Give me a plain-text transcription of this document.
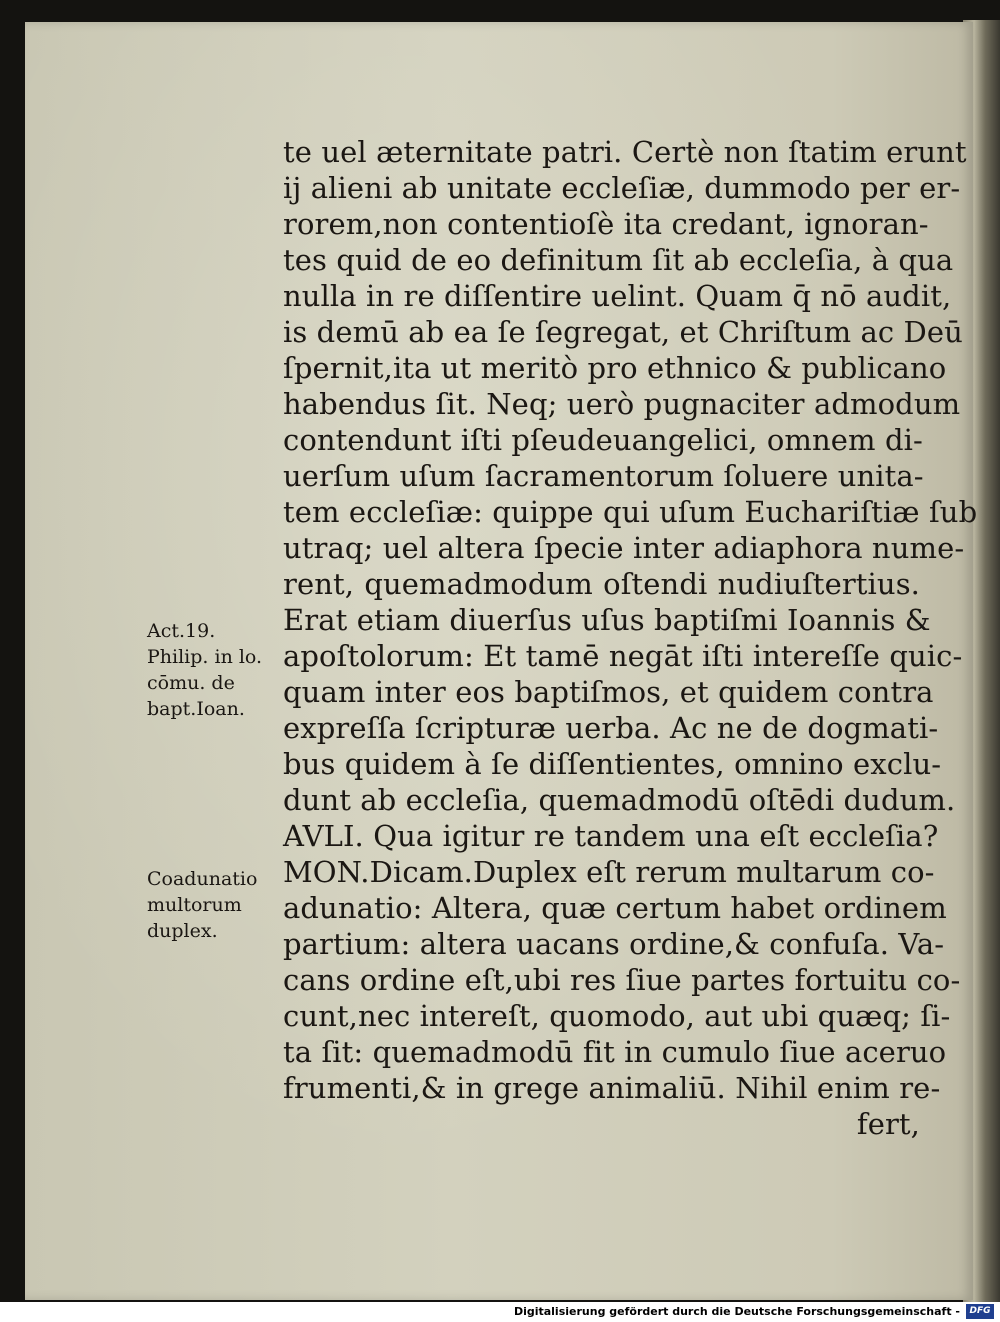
te uel æternitate patri. Certè non ſtatim erunt
ij alieni ab unitate eccleſiæ, dummodo per er-
rorem,non contentioſè ita credant, ignoran-
tes quid de eo definitum ſit ab eccleſia, à qua
nulla in re diſſentire uelint. Quam q̄ nō audit,
is demū ab ea ſe ſegregat, et Chriſtum ac Deū
ſpernit,ita ut meritò pro ethnico & publicano
habendus ſit. Neq; uerò pugnaciter admodum
contendunt iſti pſeudeuangelici, omnem di-
uerſum uſum ſacramentorum ſoluere unita-
tem eccleſiæ: quippe qui uſum Euchariſtiæ ſub
utraq; uel altera ſpecie inter adiaphora nume-
rent, quemadmodum oſtendi nudiuſtertius.
Erat etiam diuerſus uſus baptiſmi Ioannis &
apoſtolorum: Et tamē negāt iſti intereſſe quic-
quam inter eos baptiſmos, et quidem contra
expreſſa ſcripturæ uerba. Ac ne de dogmati-
bus quidem à ſe diſſentientes, omnino exclu-
dunt ab eccleſia, quemadmodū oſtēdi dudum.
AVLI. Qua igitur re tandem una eſt eccleſia?
MON.Dicam.Duplex eſt rerum multarum co-
adunatio: Altera, quæ certum habet ordinem
partium: altera uacans ordine,& confuſa. Va-
cans ordine eſt,ubi res ſiue partes fortuitu co-
cunt,nec intereſt, quomodo, aut ubi quæq; ſi-
ta ſit: quemadmodū fit in cumulo ſiue aceruo
frumenti,& in grege animaliū. Nihil enim re-
fert,
Act.19.
Philip. in lo.
cōmu. de
bapt.Ioan.
Coadunatio
multorum
duplex.
Digitalisierung gefördert durch die Deutsche Forschungsgemeinschaft -	DFG
